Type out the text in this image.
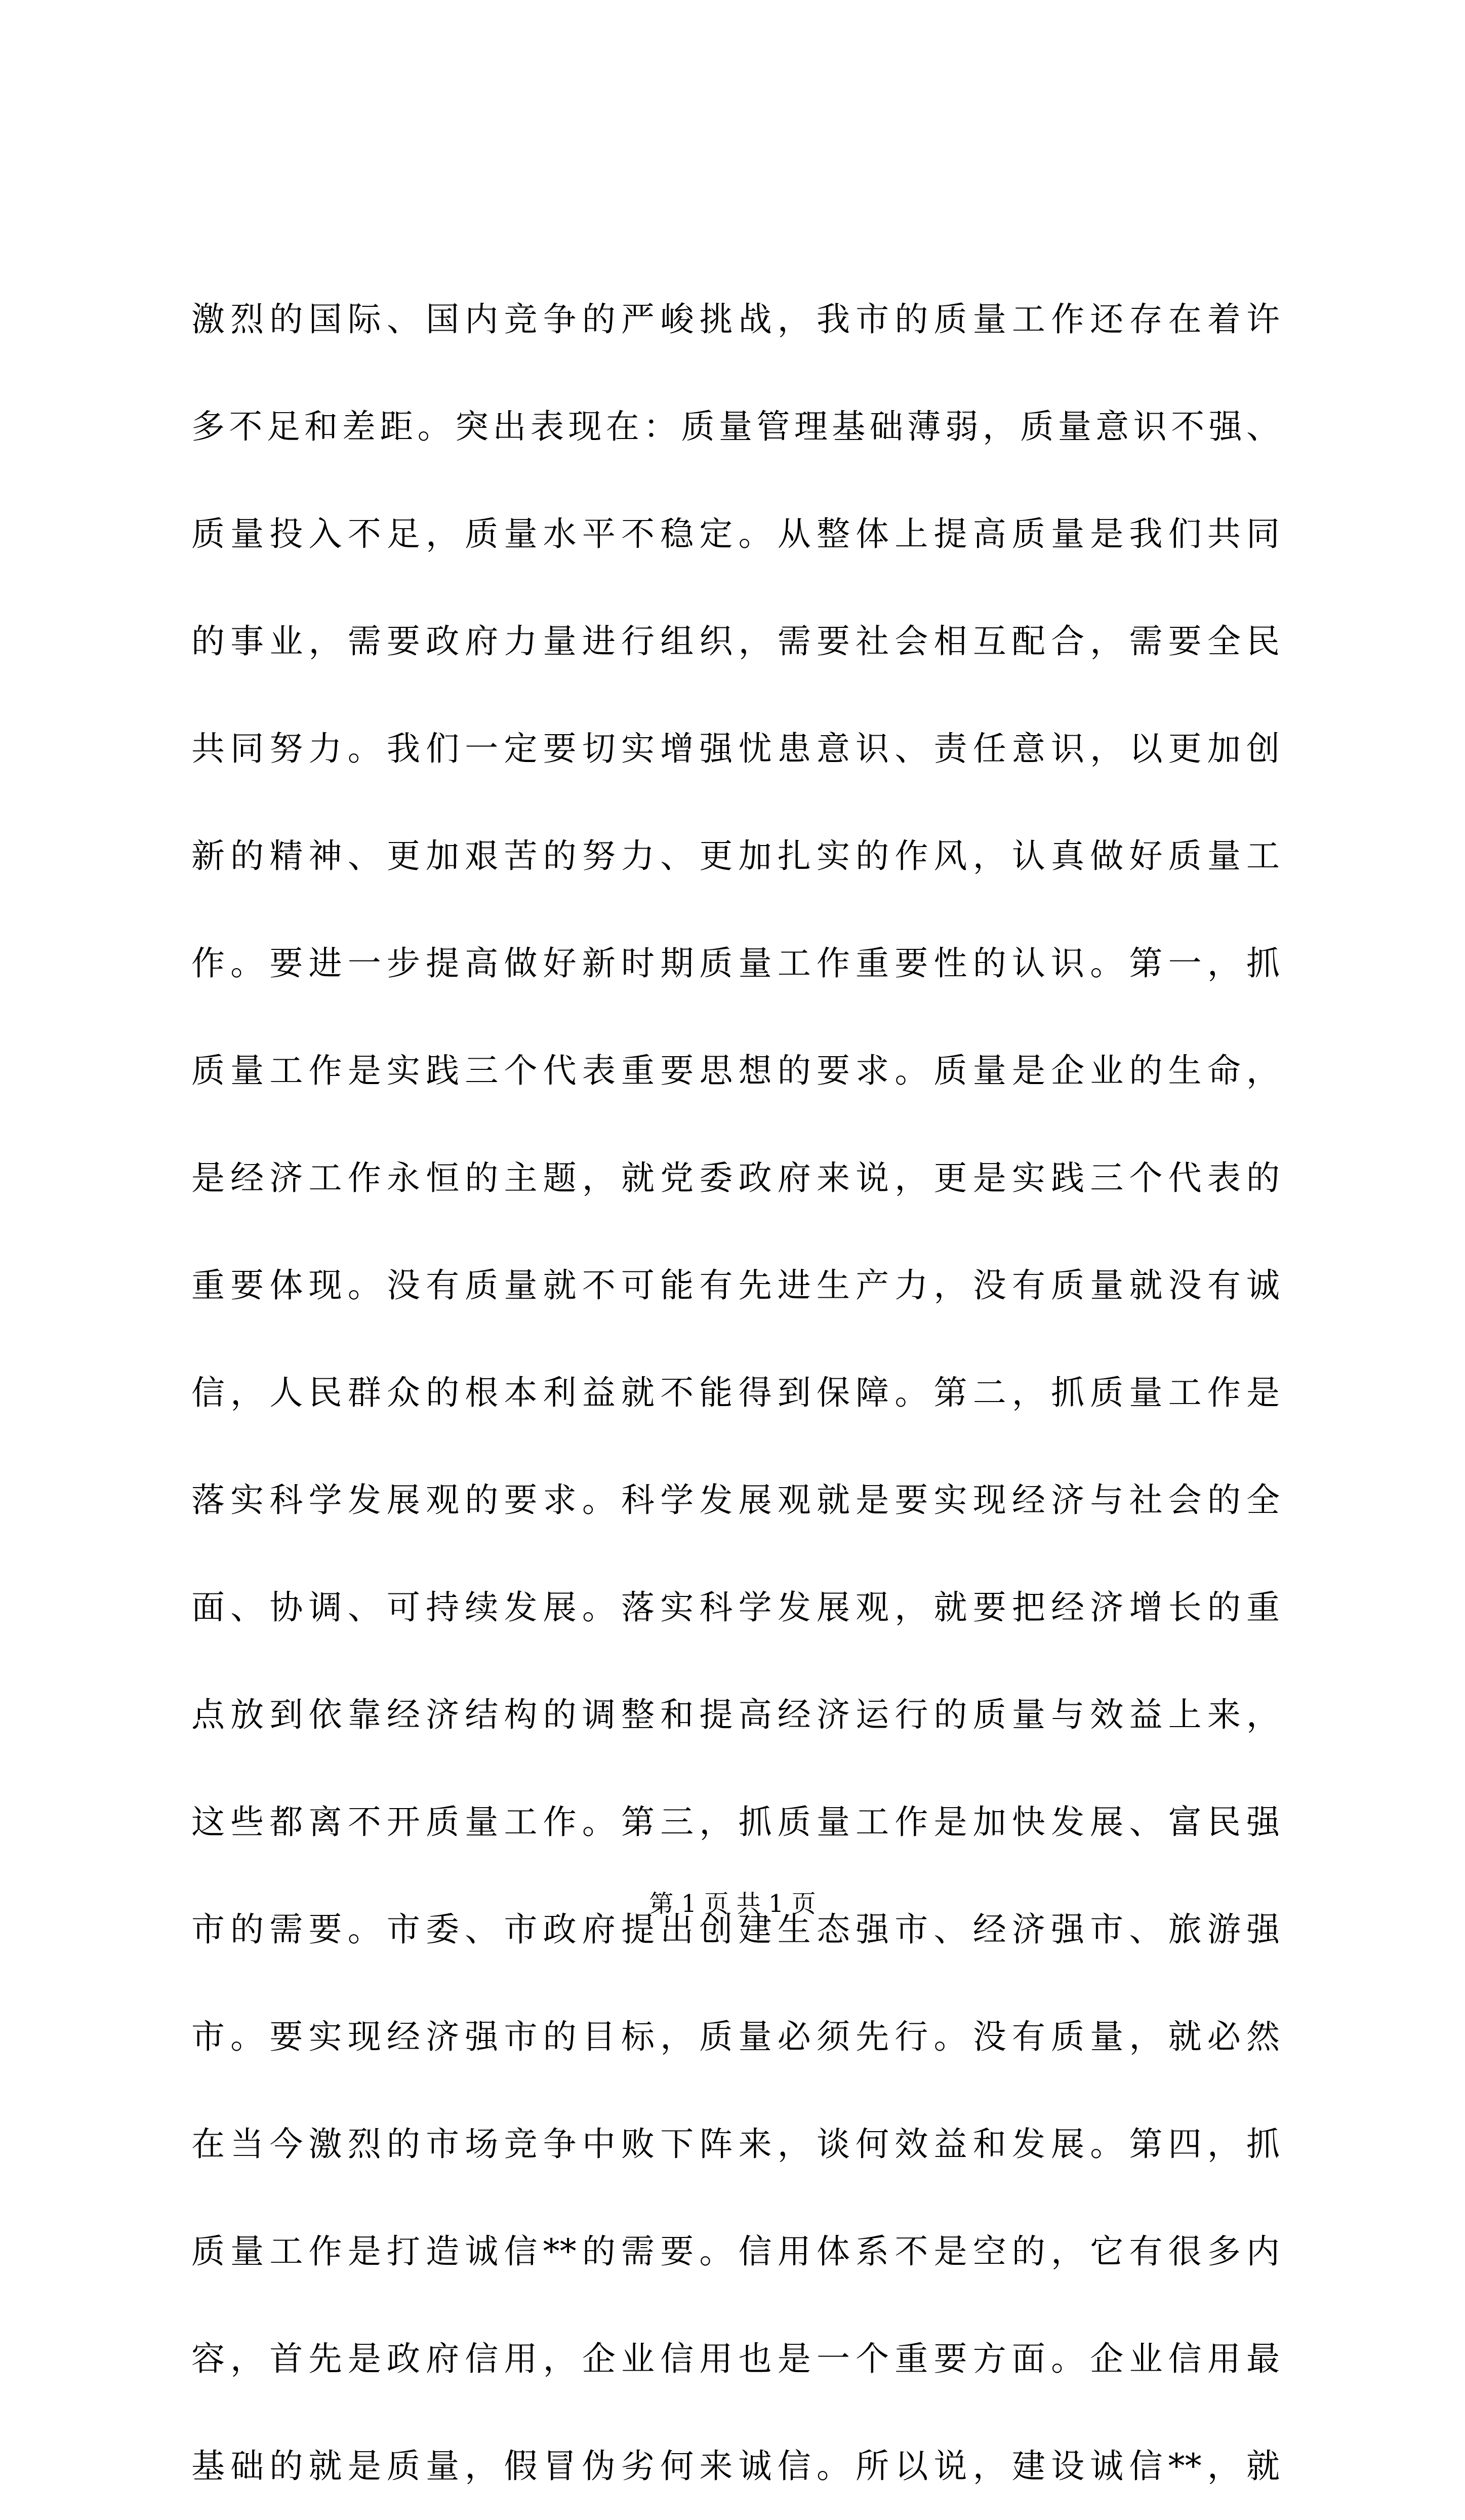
激烈的国际、国内竞争的严峻挑战，我市的质量工作还存在着许
多不足和差距。突出表现在：质量管理基础薄弱，质量意识不强、
质量投入不足，质量水平不稳定。从整体上提高质量是我们共同
的事业，需要政府力量进行组织，需要社会相互配合，需要全民
共同努力。我们一定要切实增强忧患意识、责任意识，以更加创
新的精神、更加艰苦的努力、更加扎实的作风，认真做好质量工
作。要进一步提高做好新时期质量工作重要性的认识。第一，抓
质量工作是实践三个代表重要思想的要求。质量是企业的生命，
是经济工作永恒的主题，就党委政府来说，更是实践三个代表的
重要体现。没有质量就不可能有先进生产力，没有质量就没有诚
信，人民群众的根本利益就不能得到保障。第二，抓质量工作是
落实科学发展观的要求。科学发展观就是要实现经济与社会的全
面、协调、可持续发展。落实科学发展观，就要把经济增长的重
点放到依靠经济结构的调整和提高经济运行的质量与效益上来，
这些都离不开质量工作。第三，抓质量工作是加快发展、富民强
市的需要。市委、市政府提出创建生态强市、经济强市、旅游强
市。要实现经济强市的目标，质量必须先行。没有质量，就必然
在当今激烈的市场竞争中败下阵来，谈何效益和发展。第四，抓
质量工作是打造诚信**的需要。信用体系不是空的，它有很多内
容，首先是政府信用，企业信用也是一个重要方面。企业信用最
基础的就是质量，假冒伪劣何来诚信。所以说，建设诚信**，就
第 1 页 共 1 页
